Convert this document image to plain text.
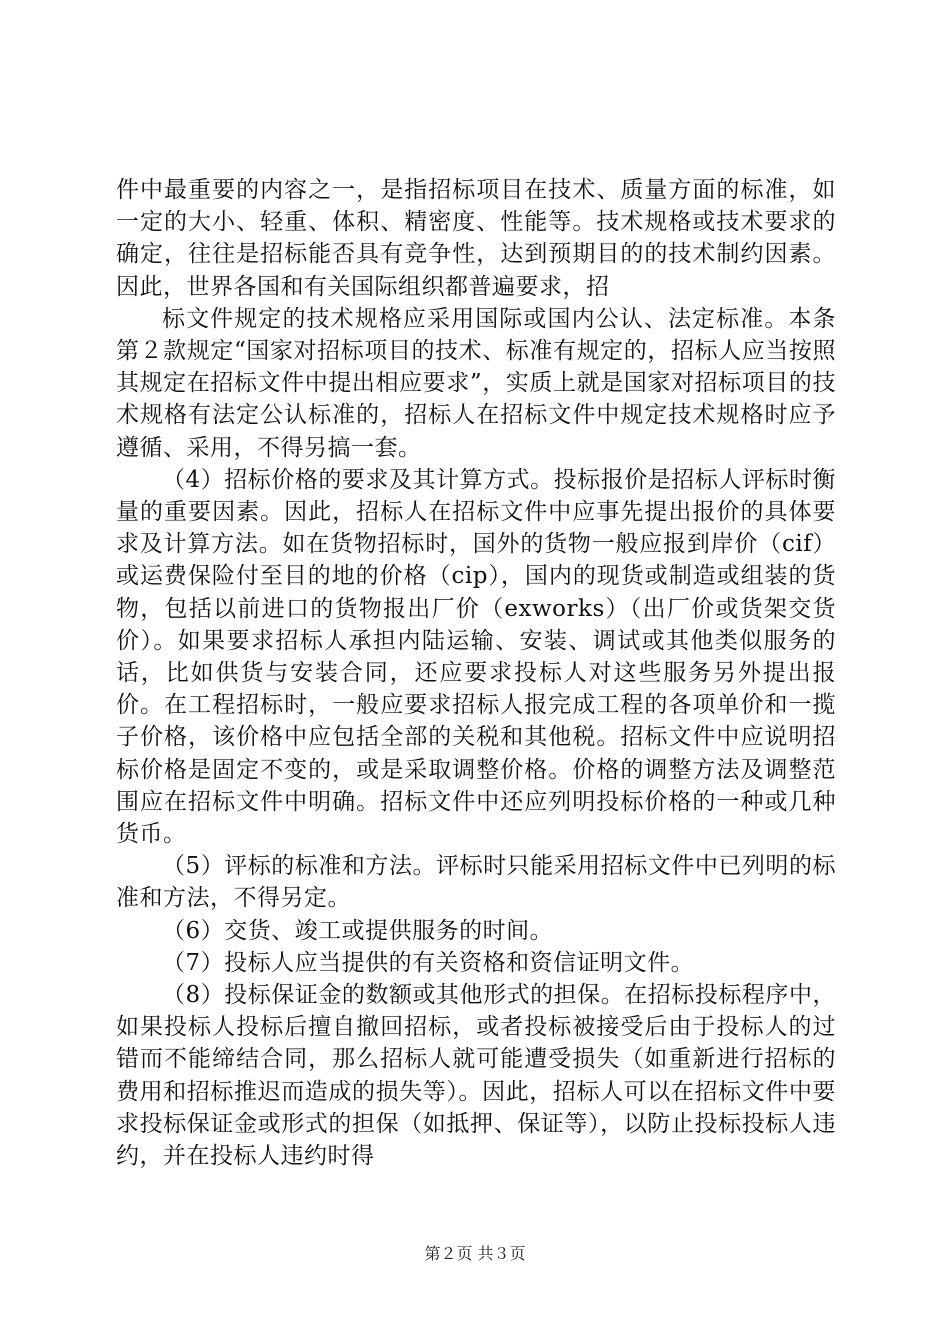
件中最重要的内容之一，是指招标项目在技术、质量方面的标准，如一定的大小、轻重、体积、精密度、性能等。技术规格或技术要求的确定，往往是招标能否具有竞争性，达到预期目的的技术制约因素。因此，世界各国和有关国际组织都普遍要求，招

标文件规定的技术规格应采用国际或国内公认、法定标准。本条第２款规定“国家对招标项目的技术、标准有规定的，招标人应当按照其规定在招标文件中提出相应要求”，实质上就是国家对招标项目的技术规格有法定公认标准的，招标人在招标文件中规定技术规格时应予遵循、采用，不得另搞一套。

（4）招标价格的要求及其计算方式。投标报价是招标人评标时衡量的重要因素。因此，招标人在招标文件中应事先提出报价的具体要求及计算方法。如在货物招标时，国外的货物一般应报到岸价（cif）或运费保险付至目的地的价格（cip），国内的现货或制造或组装的货物，包括以前进口的货物报出厂价（exworks）（出厂价或货架交货价）。如果要求招标人承担内陆运输、安装、调试或其他类似服务的话，比如供货与安装合同，还应要求投标人对这些服务另外提出报价。在工程招标时，一般应要求招标人报完成工程的各项单价和一揽子价格，该价格中应包括全部的关税和其他税。招标文件中应说明招标价格是固定不变的，或是采取调整价格。价格的调整方法及调整范围应在招标文件中明确。招标文件中还应列明投标价格的一种或几种货币。

（5）评标的标准和方法。评标时只能采用招标文件中已列明的标准和方法，不得另定。

（6）交货、竣工或提供服务的时间。

（7）投标人应当提供的有关资格和资信证明文件。

（8）投标保证金的数额或其他形式的担保。在招标投标程序中，如果投标人投标后擅自撤回招标，或者投标被接受后由于投标人的过错而不能缔结合同，那么招标人就可能遭受损失（如重新进行招标的费用和招标推迟而造成的损失等）。因此，招标人可以在招标文件中要求投标保证金或形式的担保（如抵押、保证等），以防止投标投标人违约，并在投标人违约时得

第２页 共３页
